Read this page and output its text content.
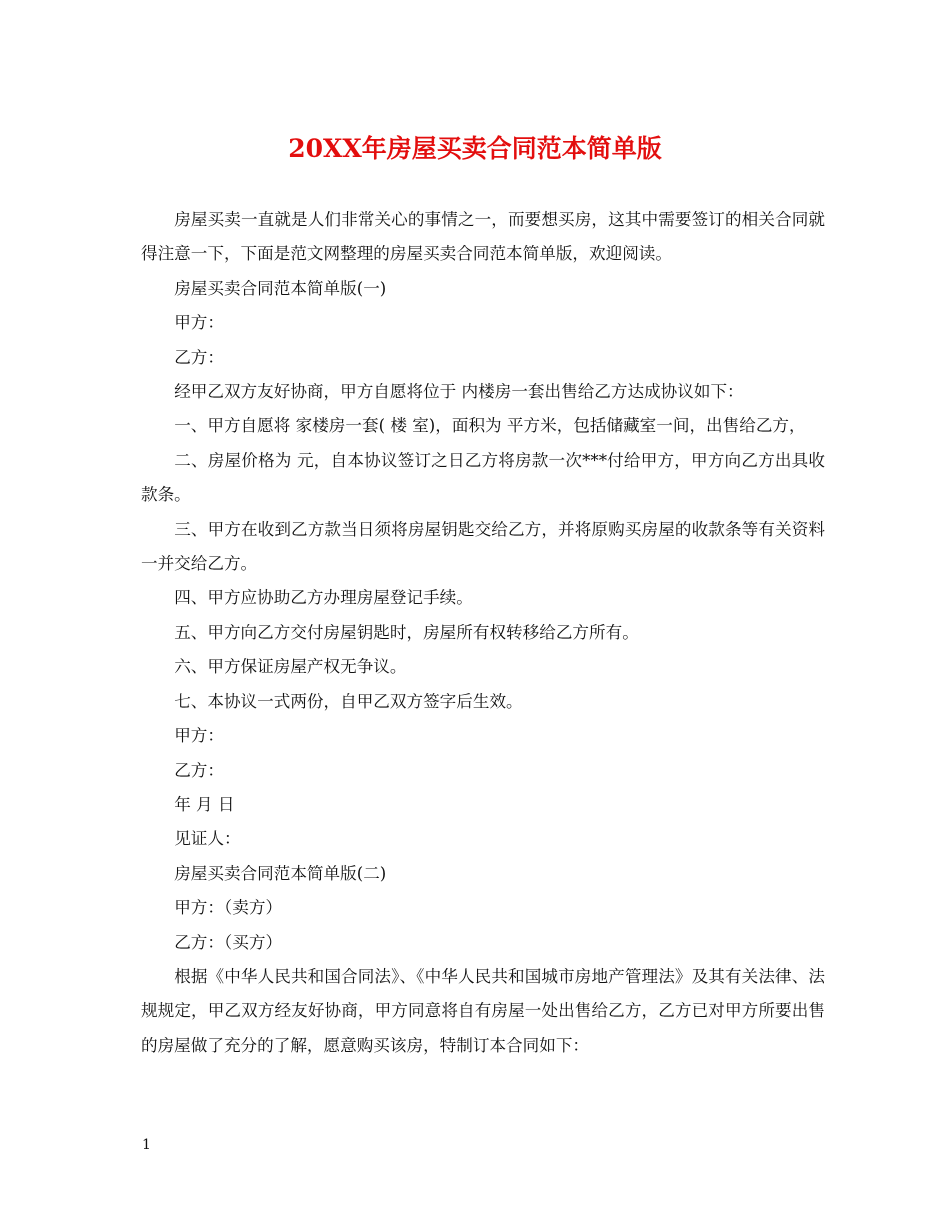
20XX年房屋买卖合同范本简单版

房屋买卖一直就是人们非常关心的事情之一，而要想买房，这其中需要签订的相关合同就得注意一下，下面是范文网整理的房屋买卖合同范本简单版，欢迎阅读。

房屋买卖合同范本简单版(一)

甲方：

乙方：

经甲乙双方友好协商，甲方自愿将位于 内楼房一套出售给乙方达成协议如下：

一、甲方自愿将 家楼房一套( 楼 室)，面积为 平方米，包括储藏室一间，出售给乙方，

二、房屋价格为 元，自本协议签订之日乙方将房款一次***付给甲方，甲方向乙方出具收款条。

三、甲方在收到乙方款当日须将房屋钥匙交给乙方，并将原购买房屋的收款条等有关资料一并交给乙方。

四、甲方应协助乙方办理房屋登记手续。

五、甲方向乙方交付房屋钥匙时，房屋所有权转移给乙方所有。

六、甲方保证房屋产权无争议。

七、本协议一式两份，自甲乙双方签字后生效。

甲方：

乙方：

年 月 日

见证人：

房屋买卖合同范本简单版(二)

甲方：（卖方）

乙方：（买方）

根据《中华人民共和国合同法》、《中华人民共和国城市房地产管理法》及其有关法律、法规规定，甲乙双方经友好协商，甲方同意将自有房屋一处出售给乙方，乙方已对甲方所要出售的房屋做了充分的了解，愿意购买该房，特制订本合同如下：

1
